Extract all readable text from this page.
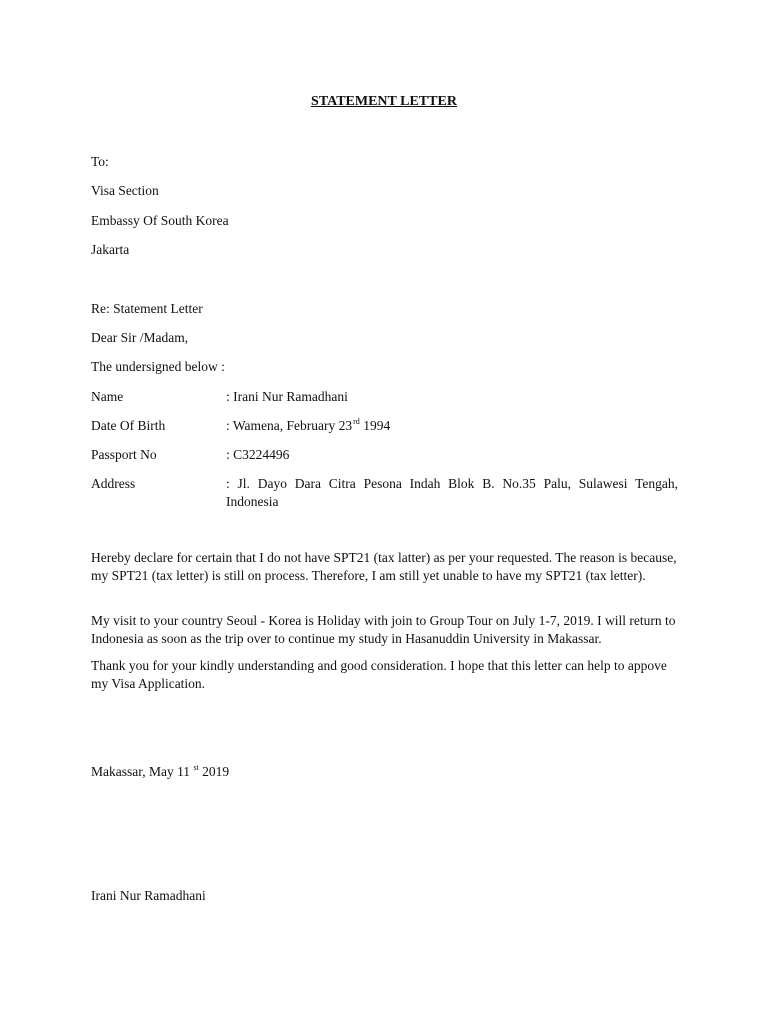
STATEMENT LETTER
To:
Visa Section
Embassy Of South Korea
Jakarta
Re: Statement Letter
Dear Sir /Madam,
The undersigned below :
Name	: Irani Nur Ramadhani
Date Of Birth	: Wamena, February 23rd 1994
Passport No	: C3224496
Address	: Jl. Dayo Dara Citra Pesona Indah Blok B. No.35 Palu, Sulawesi Tengah, Indonesia
Hereby declare for certain that I do not have SPT21 (tax latter) as per your requested. The reason is because, my SPT21 (tax letter) is still on process. Therefore, I am still yet unable to have my SPT21 (tax letter).
My visit to your country Seoul - Korea is Holiday with join to Group Tour on July 1-7, 2019. I will return to Indonesia as soon as the trip over to continue my study in Hasanuddin University in Makassar.
Thank you for your kindly understanding and good consideration. I hope that this letter can help to appove my Visa Application.
Makassar, May 11 $^{st}$ 2019
Irani Nur Ramadhani
